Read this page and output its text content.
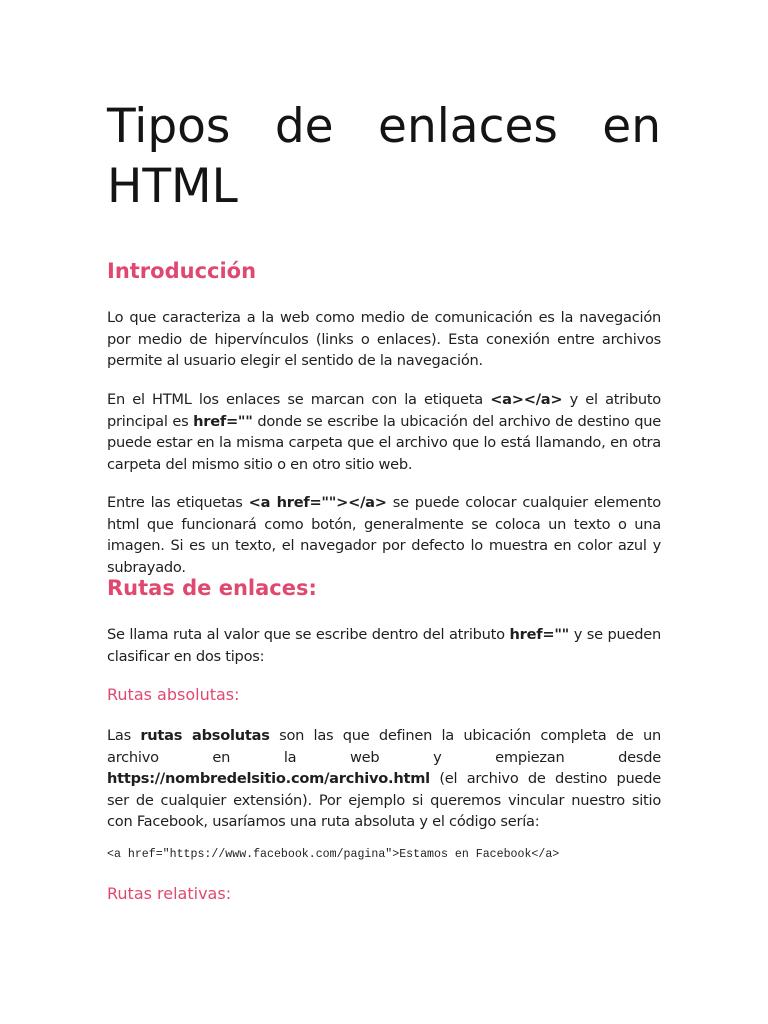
Tipos de enlaces en
HTML
Introducción

Lo que caracteriza a la web como medio de comunicación es la navegación por medio de hipervínculos (links o enlaces). Esta conexión entre archivos permite al usuario elegir el sentido de la navegación.

En el HTML los enlaces se marcan con la etiqueta <a></a> y el atributo principal es href="" donde se escribe la ubicación del archivo de destino que puede estar en la misma carpeta que el archivo que lo está llamando, en otra carpeta del mismo sitio o en otro sitio web.

Entre las etiquetas <a href=""></a> se puede colocar cualquier elemento html que funcionará como botón, generalmente se coloca un texto o una imagen. Si es un texto, el navegador por defecto lo muestra en color azul y subrayado.

Rutas de enlaces:

Se llama ruta al valor que se escribe dentro del atributo href="" y se pueden clasificar en dos tipos:

Rutas absolutas:

Las rutas absolutas son las que definen la ubicación completa de un archivo en la web y empiezan desde https://nombredelsitio.com/archivo.html (el archivo de destino puede ser de cualquier extensión). Por ejemplo si queremos vincular nuestro sitio con Facebook, usaríamos una ruta absoluta y el código sería:

<a href="https://www.facebook.com/pagina">Estamos en Facebook</a>
Rutas relativas:
